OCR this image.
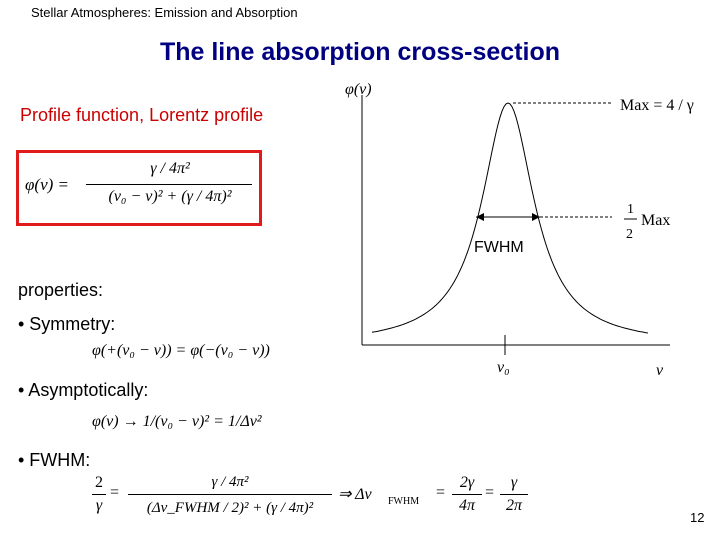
Stellar Atmospheres: Emission and Absorption
The line absorption cross-section
Profile function, Lorentz profile
φ(ν) =
γ / 4π²
(ν₀ − ν)² + (γ / 4π)²
properties:
• Symmetry:
φ(+(ν₀ − ν)) = φ(−(ν₀ − ν))
• Asymptotically:
φ(ν) → 1/(ν₀ − ν)² = 1/Δν²
• FWHM:
2
γ
=
γ / 4π²
(Δν_FWHM / 2)² + (γ / 4π)²
⇒ Δν FWHM
=
2γ
4π
=
γ
2π
φ(ν)
Max = 4 / γ
1
2
Max
FWHM
ν₀	ν
12
